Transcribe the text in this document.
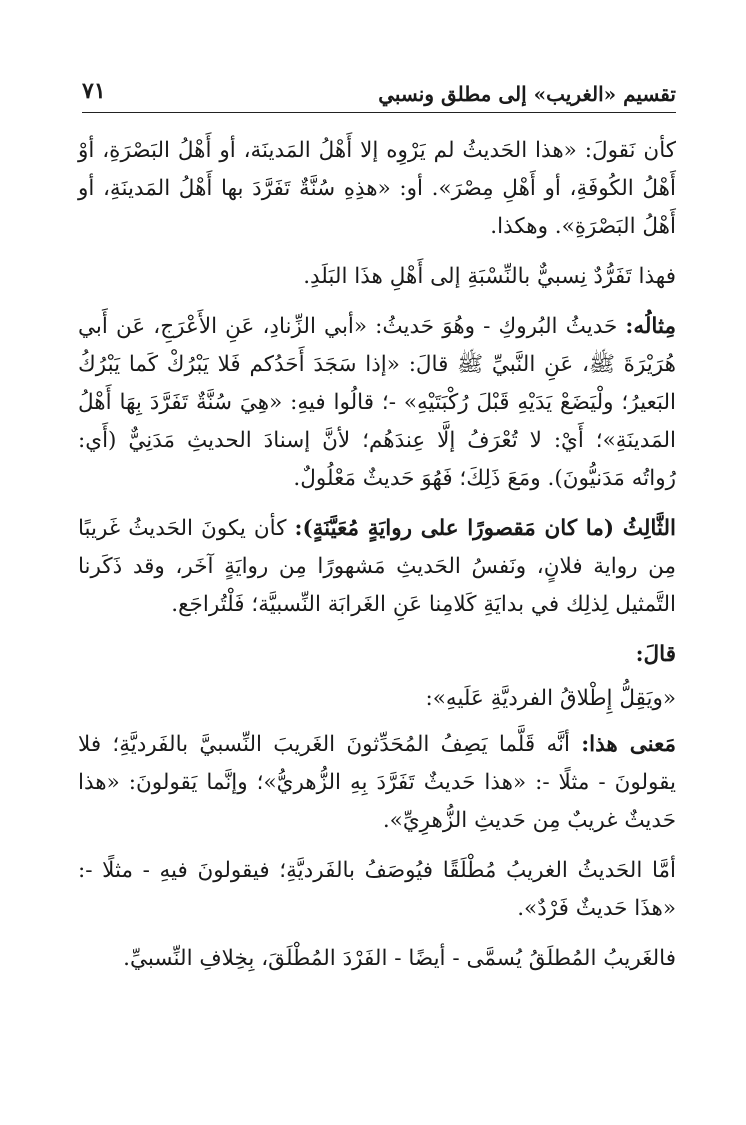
تقسيم «الغريب» إلى مطلق ونسبي
٧١

كأن نَقولَ: «هذا الحَديثُ لم يَرْوِه إلا أَهْلُ المَدينَة، أو أَهْلُ البَصْرَةِ، أوْ أَهْلُ الكُوفَةِ، أو أَهْلِ مِصْرَ». أو: «هذِهِ سُنَّةٌ تَفَرَّدَ بها أَهْلُ المَدينَةِ، أو أَهْلُ البَصْرَةِ». وهكذا.

فهذا تَفَرُّدٌ نِسبيٌّ بالنِّسْبَةِ إلى أَهْلِ هذَا البَلَدِ.

مِثالُه: حَديثُ البُروكِ - وهُوَ حَديثُ: «أبي الزِّنادِ، عَنِ الأَعْرَجِ، عَن أَبي هُرَيْرَةَ ﷺ، عَنِ النَّبيِّ ﷺ قالَ: «إذا سَجَدَ أَحَدُكم فَلا يَبْرُكْ كَما يَبْرُكُ البَعيرُ؛ ولْيَضَعْ يَدَيْهِ قَبْلَ رُكْبَتَيْهِ» -؛ قالُوا فيهِ: «هِيَ سُنَّةٌ تَفَرَّدَ بِهَا أَهْلُ المَدينَةِ»؛ أَيْ: لا تُعْرَفُ إلَّا عِندَهُم؛ لأنَّ إسنادَ الحديثِ مَدَنِيٌّ (أَي: رُواتُه مَدَنيُّونَ). ومَعَ ذَلِكَ؛ فَهُوَ حَديثٌ مَعْلُولٌ.

الثَّالِثُ (ما كان مَقصورًا على روايَةٍ مُعَيَّنَةٍ): كأن يكونَ الحَديثُ غَريبًا مِن رواية فلانٍ، ونَفسُ الحَديثِ مَشهورًا مِن روايَةٍ آخَر، وقد ذَكَرنا التَّمثيل لِذلِك في بدايَةِ كَلامِنا عَنِ الغَرابَة النِّسبيَّة؛ فَلْتُراجَع.

قالَ:

«ويَقِلُّ إِطْلاقُ الفرديَّةِ عَلَيهِ»:

مَعنى هذا: أنَّه قَلَّما يَصِفُ المُحَدِّثونَ الغَريبَ النِّسبيَّ بالفَرديَّةِ؛ فلا يقولونَ - مثلًا -: «هذا حَديثٌ تَفَرَّدَ بِهِ الزُّهريُّ»؛ وإنَّما يَقولونَ: «هذا حَديثٌ غريبٌ مِن حَديثِ الزُّهرِيِّ».

أمَّا الحَديثُ الغريبُ مُطْلَقًا فيُوصَفُ بالفَرديَّةِ؛ فيقولونَ فيهِ - مثلًا -: «هذَا حَديثٌ فَرْدٌ».

فالغَريبُ المُطلَقُ يُسمَّى - أيضًا - الفَرْدَ المُطْلَقَ، بِخِلافِ النِّسبيِّ.
